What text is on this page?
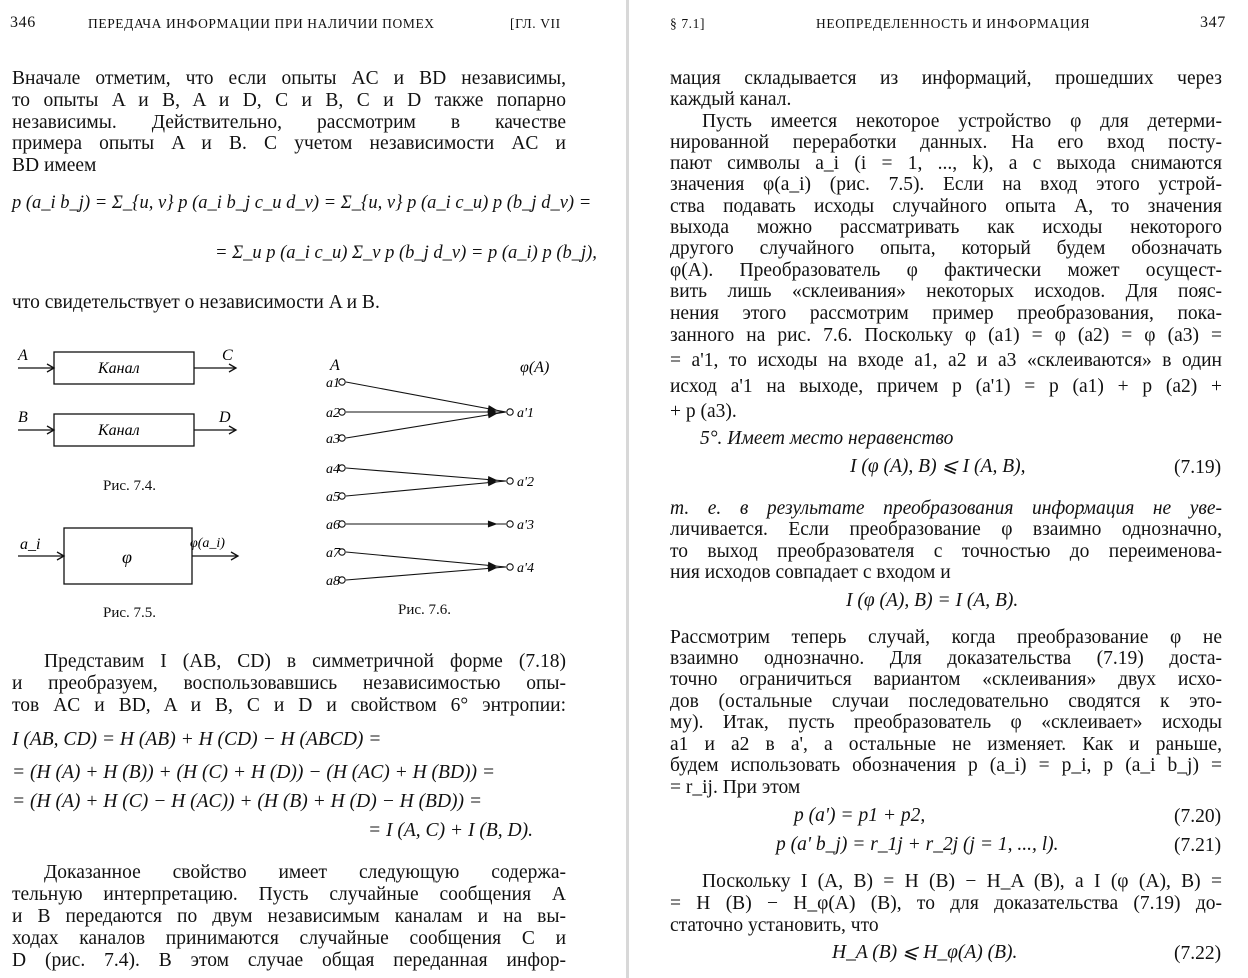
346	ПЕРЕДАЧА ИНФОРМАЦИИ ПРИ НАЛИЧИИ ПОМЕХ	[ГЛ. VII
Вначале отметим, что если опыты AC и BD независимы,
то опыты A и B, A и D, C и B, C и D также попарно
независимы. Действительно, рассмотрим в качестве
примера опыты A и B. С учетом независимости AC и
BD имеем
p (a_i b_j) = Σ_{u, v} p (a_i b_j c_u d_v) = Σ_{u, v} p (a_i c_u) p (b_j d_v) =
= Σ_u p (a_i c_u) Σ_v p (b_j d_v) = p (a_i) p (b_j),
что свидетельствует о независимости A и B.
Канал
Канал
A	C
B	D
Рис. 7.4.
φ
a_i	φ(a_i)
Рис. 7.5.
A	φ(A)
a1
a2
a3
a4
a5
a6
a7
a8
a'1
a'2
a'3
a'4
Рис. 7.6.
Представим I (AB, CD) в симметричной форме (7.18)
и преобразуем, воспользовавшись независимостью опы-
тов AC и BD, A и B, C и D и свойством 6° энтропии:
I (AB, CD) = H (AB) + H (CD) − H (ABCD) =
= (H (A) + H (B)) + (H (C) + H (D)) − (H (AC) + H (BD)) =
= (H (A) + H (C) − H (AC)) + (H (B) + H (D) − H (BD)) =
= I (A, C) + I (B, D).
Доказанное свойство имеет следующую содержа-
тельную интерпретацию. Пусть случайные сообщения A
и B передаются по двум независимым каналам и на вы-
ходах каналов принимаются случайные сообщения C и
D (рис. 7.4). В этом случае общая переданная инфор-
§ 7.1]	НЕОПРЕДЕЛЕННОСТЬ И ИНФОРМАЦИЯ	347
мация складывается из информаций, прошедших через
каждый канал.
Пусть имеется некоторое устройство φ для детерми-
нированной переработки данных. На его вход посту-
пают символы a_i (i = 1, ..., k), а с выхода снимаются
значения φ(a_i) (рис. 7.5). Если на вход этого устрой-
ства подавать исходы случайного опыта A, то значения
выхода можно рассматривать как исходы некоторого
другого случайного опыта, который будем обозначать
φ(A). Преобразователь φ фактически может осущест-
вить лишь «склеивания» некоторых исходов. Для пояс-
нения этого рассмотрим пример преобразования, пока-
занного на рис. 7.6. Поскольку φ (a1) = φ (a2) = φ (a3) =
= a'1, то исходы на входе a1, a2 и a3 «склеиваются» в один
исход a'1 на выходе, причем p (a'1) = p (a1) + p (a2) +
+ p (a3).
5°. Имеет место неравенство
I (φ (A), B) ⩽ I (A, B),	(7.19)
т. е. в результате преобразования информация не уве-
личивается. Если преобразование φ взаимно однозначно,
то выход преобразователя с точностью до переименова-
ния исходов совпадает с входом и
I (φ (A), B) = I (A, B).
Рассмотрим теперь случай, когда преобразование φ не
взаимно однозначно. Для доказательства (7.19) доста-
точно ограничиться вариантом «склеивания» двух исхо-
дов (остальные случаи последовательно сводятся к это-
му). Итак, пусть преобразователь φ «склеивает» исходы
a1 и a2 в a', а остальные не изменяет. Как и раньше,
будем использовать обозначения p (a_i) = p_i, p (a_i b_j) =
= r_ij. При этом
p (a') = p1 + p2,	(7.20)
p (a' b_j) = r_1j + r_2j (j = 1, ..., l).	(7.21)
Поскольку I (A, B) = H (B) − H_A (B), а I (φ (A), B) =
= H (B) − H_φ(A) (B), то для доказательства (7.19) до-
статочно установить, что
H_A (B) ⩽ H_φ(A) (B).	(7.22)
